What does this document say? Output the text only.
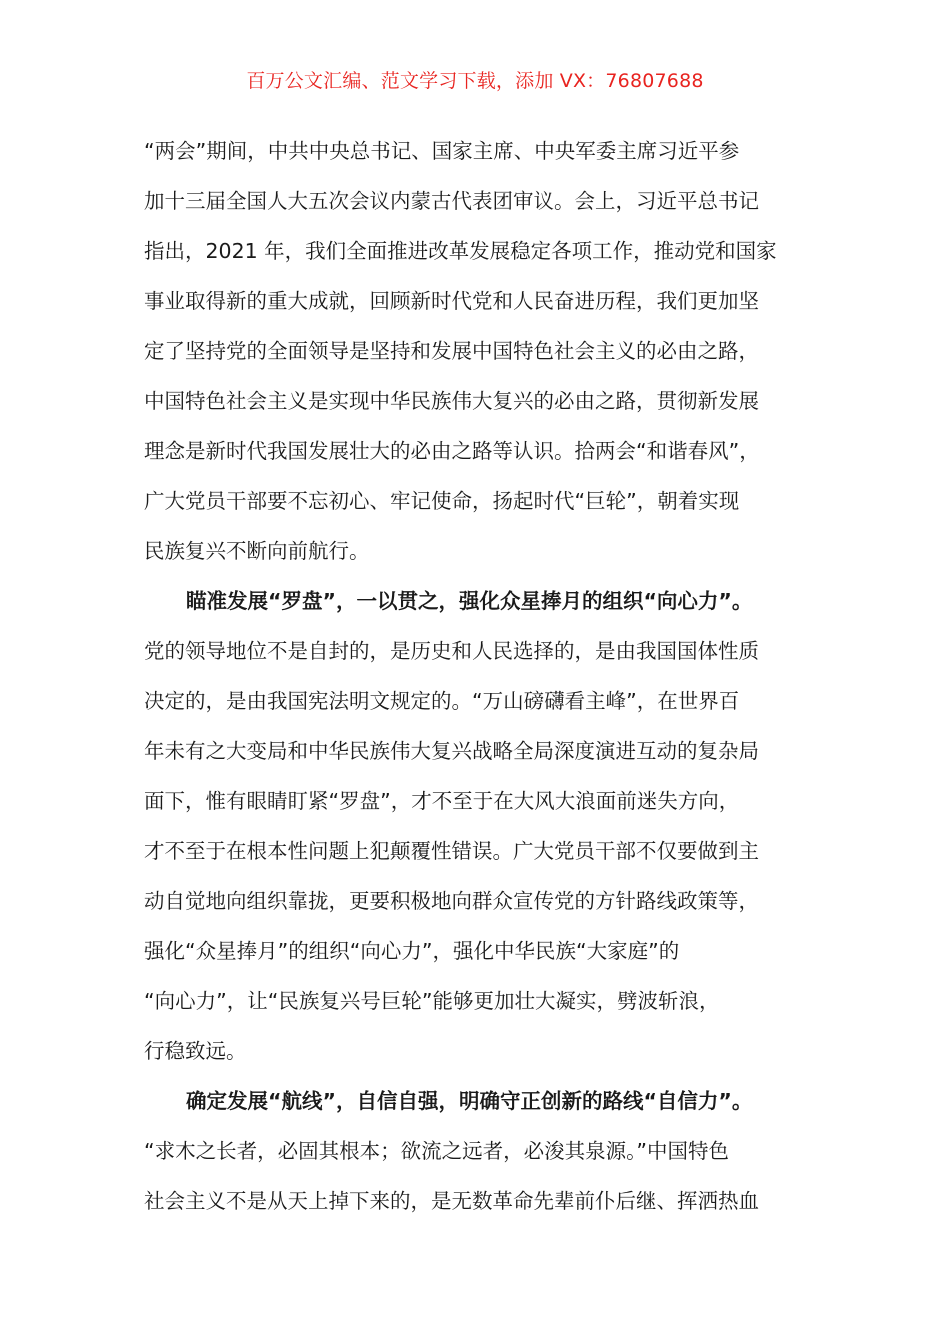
百万公文汇编、范文学习下载，添加 VX：76807688
“两会”期间，中共中央总书记、国家主席、中央军委主席习近平参
加十三届全国人大五次会议内蒙古代表团审议。会上，习近平总书记
指出，2021 年，我们全面推进改革发展稳定各项工作，推动党和国家
事业取得新的重大成就，回顾新时代党和人民奋进历程，我们更加坚
定了坚持党的全面领导是坚持和发展中国特色社会主义的必由之路，
中国特色社会主义是实现中华民族伟大复兴的必由之路，贯彻新发展
理念是新时代我国发展壮大的必由之路等认识。拾两会“和谐春风”，
广大党员干部要不忘初心、牢记使命，扬起时代“巨轮”，朝着实现
民族复兴不断向前航行。
瞄准发展“罗盘”，一以贯之，强化众星捧月的组织“向心力”。
党的领导地位不是自封的，是历史和人民选择的，是由我国国体性质
决定的，是由我国宪法明文规定的。“万山磅礴看主峰”，在世界百
年未有之大变局和中华民族伟大复兴战略全局深度演进互动的复杂局
面下，惟有眼睛盯紧“罗盘”，才不至于在大风大浪面前迷失方向，
才不至于在根本性问题上犯颠覆性错误。广大党员干部不仅要做到主
动自觉地向组织靠拢，更要积极地向群众宣传党的方针路线政策等，
强化“众星捧月”的组织“向心力”，强化中华民族“大家庭”的
“向心力”，让“民族复兴号巨轮”能够更加壮大凝实，劈波斩浪，
行稳致远。
确定发展“航线”，自信自强，明确守正创新的路线“自信力”。
“求木之长者，必固其根本；欲流之远者，必浚其泉源。”中国特色
社会主义不是从天上掉下来的，是无数革命先辈前仆后继、挥洒热血
